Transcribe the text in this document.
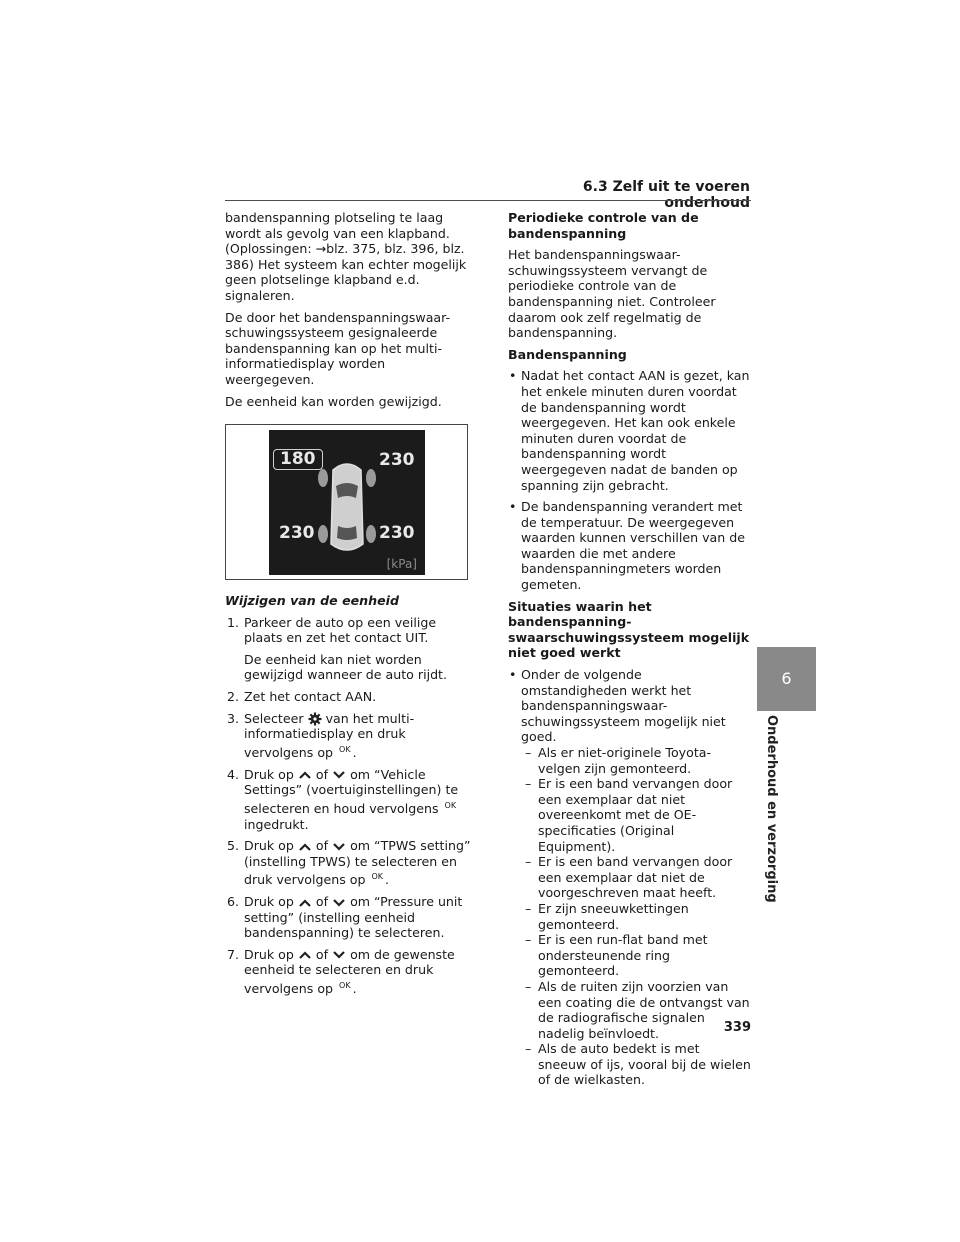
6.3 Zelf uit te voeren onderhoud

bandenspanning plotseling te laag wordt als gevolg van een klapband. (Oplossingen: →blz. 375, blz. 396, blz. 386) Het systeem kan echter mogelijk geen plotselinge klapband e.d. signaleren.

De door het bandenspanningswaar-schuwingssysteem gesignaleerde bandenspanning kan op het multi-informatiedisplay worden weergegeven.

De eenheid kan worden gewijzigd.

180	230
230	230
[kPa]

Wijzigen van de eenheid

1. Parkeer de auto op een veilige plaats en zet het contact UIT.
De eenheid kan niet worden gewijzigd wanneer de auto rijdt.
2. Zet het contact AAN.
3. Selecteer van het multi-informatiedisplay en druk vervolgens op $^{OK}$ .
4. Druk op of om “Vehicle Settings” (voertuiginstellingen) te selecteren en houd vervolgens $^{OK}$ ingedrukt.
5. Druk op of om “TPWS setting” (instelling TPWS) te selecteren en druk vervolgens op $^{OK}$ .
6. Druk op of om “Pressure unit setting” (instelling eenheid bandenspanning) te selecteren.
7. Druk op of om de gewenste eenheid te selecteren en druk vervolgens op $^{OK}$ .

Periodieke controle van de bandenspanning

Het bandenspanningswaar-schuwingssysteem vervangt de periodieke controle van de bandenspanning niet. Controleer daarom ook zelf regelmatig de bandenspanning.

Bandenspanning

• Nadat het contact AAN is gezet, kan het enkele minuten duren voordat de bandenspanning wordt weergegeven. Het kan ook enkele minuten duren voordat de bandenspanning wordt weergegeven nadat de banden op spanning zijn gebracht.
• De bandenspanning verandert met de temperatuur. De weergegeven waarden kunnen verschillen van de waarden die met andere bandenspanningmeters worden gemeten.

Situaties waarin het bandenspanning-swaarschuwingssysteem mogelijk niet goed werkt

• Onder de volgende omstandigheden werkt het bandenspanningswaar-schuwingssysteem mogelijk niet goed.
– Als er niet-originele Toyota-velgen zijn gemonteerd.
– Er is een band vervangen door een exemplaar dat niet overeenkomt met de OE-specificaties (Original Equipment).
– Er is een band vervangen door een exemplaar dat niet de voorgeschreven maat heeft.
– Er zijn sneeuwkettingen gemonteerd.
– Er is een run-flat band met ondersteunende ring gemonteerd.
– Als de ruiten zijn voorzien van een coating die de ontvangst van de radiografische signalen nadelig beïnvloedt.
– Als de auto bedekt is met sneeuw of ijs, vooral bij de wielen of de wielkasten.
6
Onderhoud en verzorging
339
